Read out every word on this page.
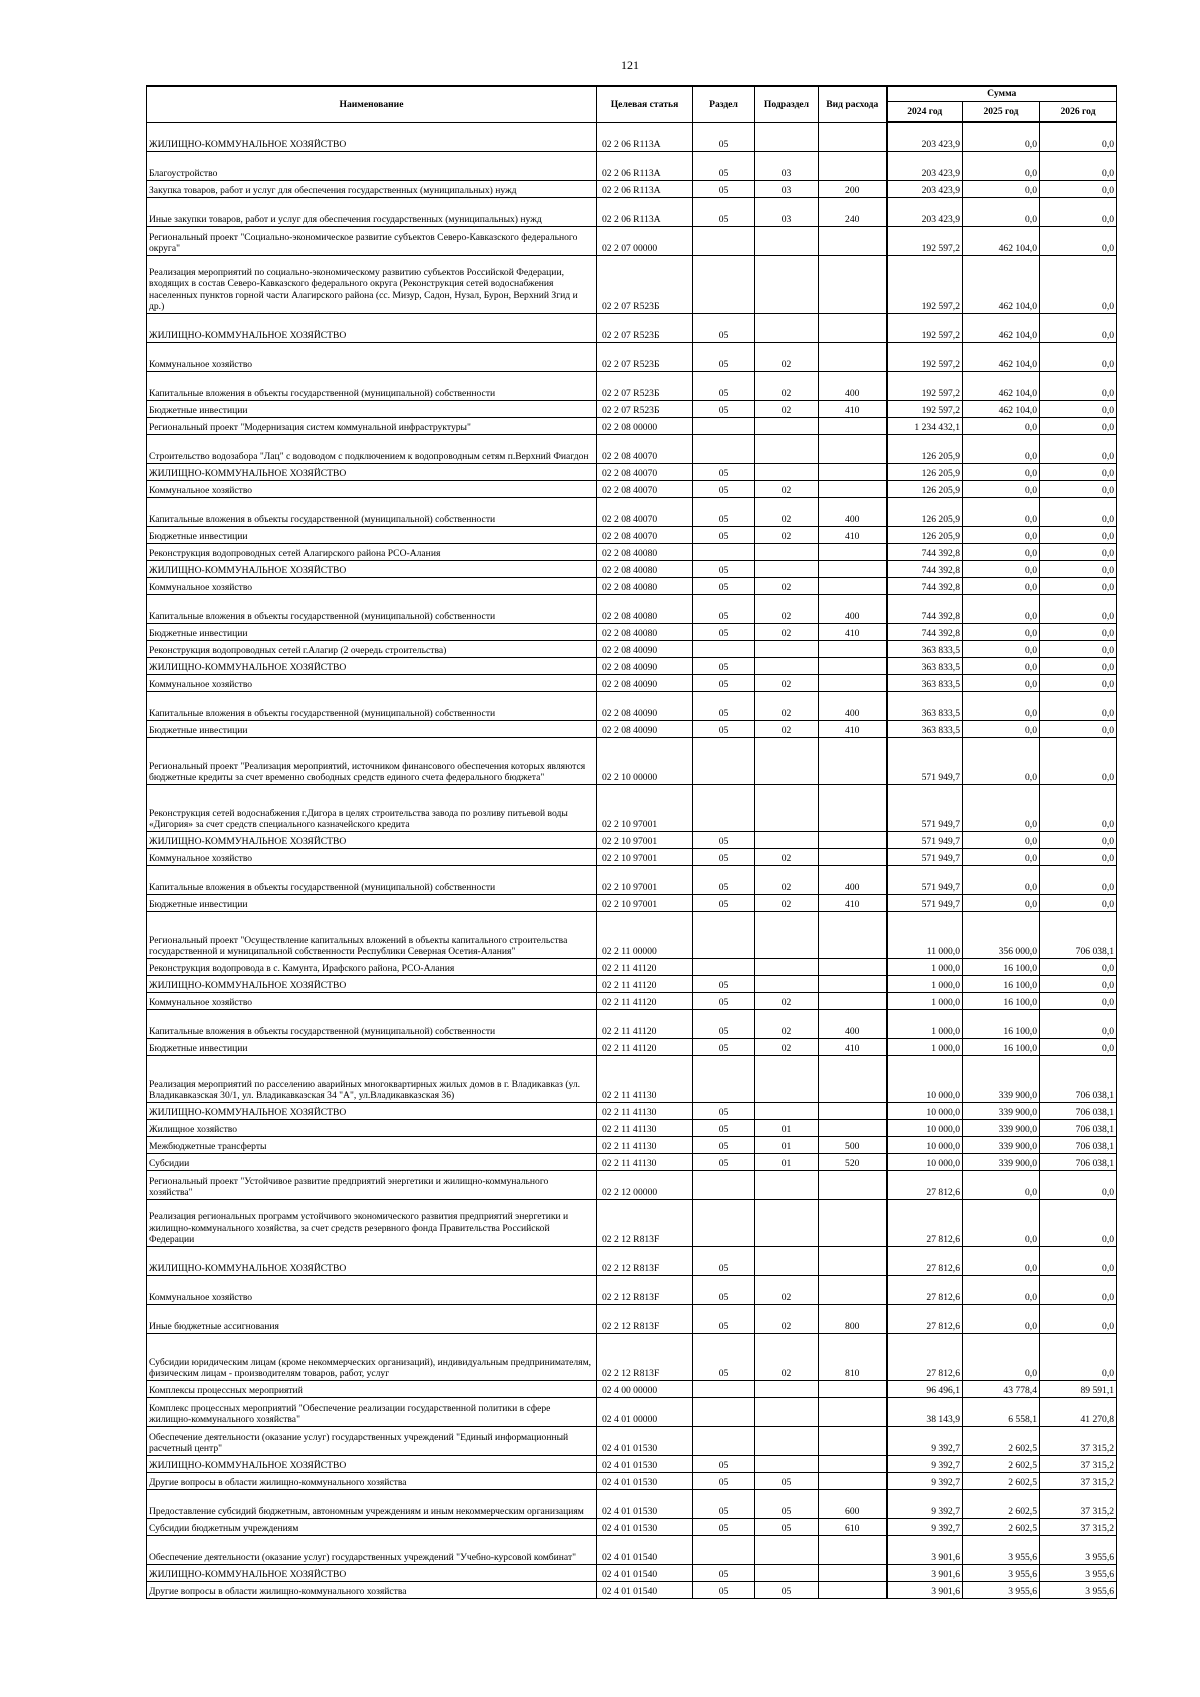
121
Наименование	Целевая статья	Раздел	Подраздел	Вид расхода	Сумма		
					2024 год	2025 год	2026 год
ЖИЛИЩНО-КОММУНАЛЬНОЕ ХОЗЯЙСТВО	02 2 06 R113А	05			203 423,9	0,0	0,0
Благоустройство	02 2 06 R113А	05	03		203 423,9	0,0	0,0
Закупка товаров, работ и услуг для обеспечения государственных (муниципальных) нужд	02 2 06 R113А	05	03	200	203 423,9	0,0	0,0
Иные закупки товаров, работ и услуг для обеспечения государственных (муниципальных) нужд	02 2 06 R113А	05	03	240	203 423,9	0,0	0,0
Региональный проект "Социально-экономическое развитие субъектов Северо-Кавказского федерального округа"	02 2 07 00000				192 597,2	462 104,0	0,0
Реализация мероприятий по социально-экономическому развитию субъектов Российской Федерации, входящих в состав Северо-Кавказского федерального округа (Реконструкция сетей водоснабжения населенных пунктов горной части Алагирского района (сс. Мизур, Садон, Нузал, Бурон, Верхний Згид и др.)	02 2 07 R523Б				192 597,2	462 104,0	0,0
ЖИЛИЩНО-КОММУНАЛЬНОЕ ХОЗЯЙСТВО	02 2 07 R523Б	05			192 597,2	462 104,0	0,0
Коммунальное хозяйство	02 2 07 R523Б	05	02		192 597,2	462 104,0	0,0
Капитальные вложения в объекты государственной (муниципальной) собственности	02 2 07 R523Б	05	02	400	192 597,2	462 104,0	0,0
Бюджетные инвестиции	02 2 07 R523Б	05	02	410	192 597,2	462 104,0	0,0
Региональный проект "Модернизация систем коммунальной инфраструктуры"	02 2 08 00000				1 234 432,1	0,0	0,0
Строительство водозабора "Лац" с водоводом с подключением к водопроводным сетям п.Верхний Фиагдон	02 2 08 40070				126 205,9	0,0	0,0
ЖИЛИЩНО-КОММУНАЛЬНОЕ ХОЗЯЙСТВО	02 2 08 40070	05			126 205,9	0,0	0,0
Коммунальное хозяйство	02 2 08 40070	05	02		126 205,9	0,0	0,0
Капитальные вложения в объекты государственной (муниципальной) собственности	02 2 08 40070	05	02	400	126 205,9	0,0	0,0
Бюджетные инвестиции	02 2 08 40070	05	02	410	126 205,9	0,0	0,0
Реконструкция водопроводных сетей Алагирского района РСО-Алания	02 2 08 40080				744 392,8	0,0	0,0
ЖИЛИЩНО-КОММУНАЛЬНОЕ ХОЗЯЙСТВО	02 2 08 40080	05			744 392,8	0,0	0,0
Коммунальное хозяйство	02 2 08 40080	05	02		744 392,8	0,0	0,0
Капитальные вложения в объекты государственной (муниципальной) собственности	02 2 08 40080	05	02	400	744 392,8	0,0	0,0
Бюджетные инвестиции	02 2 08 40080	05	02	410	744 392,8	0,0	0,0
Реконструкция водопроводных сетей г.Алагир (2 очередь строительства)	02 2 08 40090				363 833,5	0,0	0,0
ЖИЛИЩНО-КОММУНАЛЬНОЕ ХОЗЯЙСТВО	02 2 08 40090	05			363 833,5	0,0	0,0
Коммунальное хозяйство	02 2 08 40090	05	02		363 833,5	0,0	0,0
Капитальные вложения в объекты государственной (муниципальной) собственности	02 2 08 40090	05	02	400	363 833,5	0,0	0,0
Бюджетные инвестиции	02 2 08 40090	05	02	410	363 833,5	0,0	0,0
Региональный проект "Реализация мероприятий, источником финансового обеспечения которых являются бюджетные кредиты за счет временно свободных средств единого счета федерального бюджета"	02 2 10 00000				571 949,7	0,0	0,0
Реконструкция сетей водоснабжения г.Дигора в целях строительства завода по розливу питьевой воды «Дигория» за счет средств специального казначейского кредита	02 2 10 97001				571 949,7	0,0	0,0
ЖИЛИЩНО-КОММУНАЛЬНОЕ ХОЗЯЙСТВО	02 2 10 97001	05			571 949,7	0,0	0,0
Коммунальное хозяйство	02 2 10 97001	05	02		571 949,7	0,0	0,0
Капитальные вложения в объекты государственной (муниципальной) собственности	02 2 10 97001	05	02	400	571 949,7	0,0	0,0
Бюджетные инвестиции	02 2 10 97001	05	02	410	571 949,7	0,0	0,0
Региональный проект "Осуществление капитальных вложений в объекты капитального строительства государственной и муниципальной собственности Республики Северная Осетия-Алания"	02 2 11 00000				11 000,0	356 000,0	706 038,1
Реконструкция водопровода в с. Камунта, Ирафского района, РСО-Алания	02 2 11 41120				1 000,0	16 100,0	0,0
ЖИЛИЩНО-КОММУНАЛЬНОЕ ХОЗЯЙСТВО	02 2 11 41120	05			1 000,0	16 100,0	0,0
Коммунальное хозяйство	02 2 11 41120	05	02		1 000,0	16 100,0	0,0
Капитальные вложения в объекты государственной (муниципальной) собственности	02 2 11 41120	05	02	400	1 000,0	16 100,0	0,0
Бюджетные инвестиции	02 2 11 41120	05	02	410	1 000,0	16 100,0	0,0
Реализация мероприятий по расселению аварийных многоквартирных жилых домов в г. Владикавказ (ул. Владикавказская 30/1, ул. Владикавказская 34 "А", ул.Владикавказская 36)	02 2 11 41130				10 000,0	339 900,0	706 038,1
ЖИЛИЩНО-КОММУНАЛЬНОЕ ХОЗЯЙСТВО	02 2 11 41130	05			10 000,0	339 900,0	706 038,1
Жилищное хозяйство	02 2 11 41130	05	01		10 000,0	339 900,0	706 038,1
Межбюджетные трансферты	02 2 11 41130	05	01	500	10 000,0	339 900,0	706 038,1
Субсидии	02 2 11 41130	05	01	520	10 000,0	339 900,0	706 038,1
Региональный проект "Устойчивое развитие предприятий энергетики и жилищно-коммунального хозяйства"	02 2 12 00000				27 812,6	0,0	0,0
Реализация региональных программ устойчивого экономического развития предприятий энергетики и жилищно-коммунального хозяйства, за счет средств резервного фонда Правительства Российской Федерации	02 2 12 R813F				27 812,6	0,0	0,0
ЖИЛИЩНО-КОММУНАЛЬНОЕ ХОЗЯЙСТВО	02 2 12 R813F	05			27 812,6	0,0	0,0
Коммунальное хозяйство	02 2 12 R813F	05	02		27 812,6	0,0	0,0
Иные бюджетные ассигнования	02 2 12 R813F	05	02	800	27 812,6	0,0	0,0
Субсидии юридическим лицам (кроме некоммерческих организаций), индивидуальным предпринимателям, физическим лицам - производителям товаров, работ, услуг	02 2 12 R813F	05	02	810	27 812,6	0,0	0,0
Комплексы процессных мероприятий	02 4 00 00000				96 496,1	43 778,4	89 591,1
Комплекс процессных мероприятий "Обеспечение реализации государственной политики в сфере жилищно-коммунального хозяйства"	02 4 01 00000				38 143,9	6 558,1	41 270,8
Обеспечение деятельности (оказание услуг) государственных учреждений "Единый информационный расчетный центр"	02 4 01 01530				9 392,7	2 602,5	37 315,2
ЖИЛИЩНО-КОММУНАЛЬНОЕ ХОЗЯЙСТВО	02 4 01 01530	05			9 392,7	2 602,5	37 315,2
Другие вопросы в области жилищно-коммунального хозяйства	02 4 01 01530	05	05		9 392,7	2 602,5	37 315,2
Предоставление субсидий бюджетным, автономным учреждениям и иным некоммерческим организациям	02 4 01 01530	05	05	600	9 392,7	2 602,5	37 315,2
Субсидии бюджетным учреждениям	02 4 01 01530	05	05	610	9 392,7	2 602,5	37 315,2
Обеспечение деятельности (оказание услуг) государственных учреждений "Учебно-курсовой комбинат"	02 4 01 01540				3 901,6	3 955,6	3 955,6
ЖИЛИЩНО-КОММУНАЛЬНОЕ ХОЗЯЙСТВО	02 4 01 01540	05			3 901,6	3 955,6	3 955,6
Другие вопросы в области жилищно-коммунального хозяйства	02 4 01 01540	05	05		3 901,6	3 955,6	3 955,6
